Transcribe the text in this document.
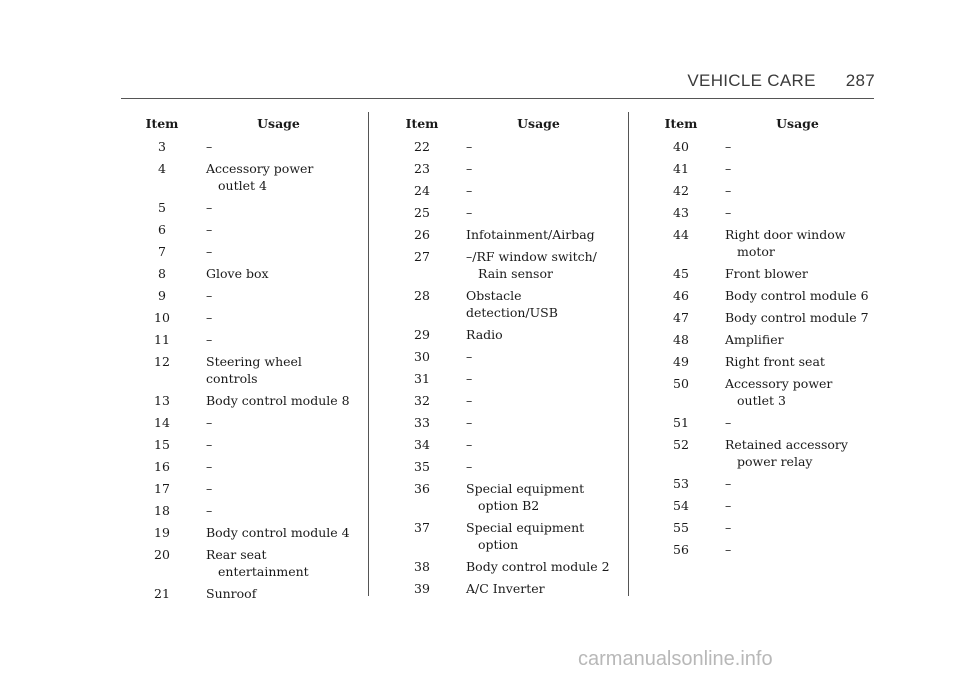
VEHICLE CARE 287
Item	Usage
3	–
4	Accessory power
outlet 4
5	–
6	–
7	–
8	Glove box
9	–
10	–
11	–
12	Steering wheel controls
13	Body control module 8
14	–
15	–
16	–
17	–
18	–
19	Body control module 4
20	Rear seat
entertainment
21	Sunroof
Item	Usage
22	–
23	–
24	–
25	–
26	Infotainment/Airbag
27	–/RF window switch/
Rain sensor
28	Obstacle detection/USB
29	Radio
30	–
31	–
32	–
33	–
34	–
35	–
36	Special equipment
option B2
37	Special equipment
option
38	Body control module 2
39	A/C Inverter
Item	Usage
40	–
41	–
42	–
43	–
44	Right door window
motor
45	Front blower
46	Body control module 6
47	Body control module 7
48	Amplifier
49	Right front seat
50	Accessory power
outlet 3
51	–
52	Retained accessory
power relay
53	–
54	–
55	–
56	–
carmanualsonline.info
